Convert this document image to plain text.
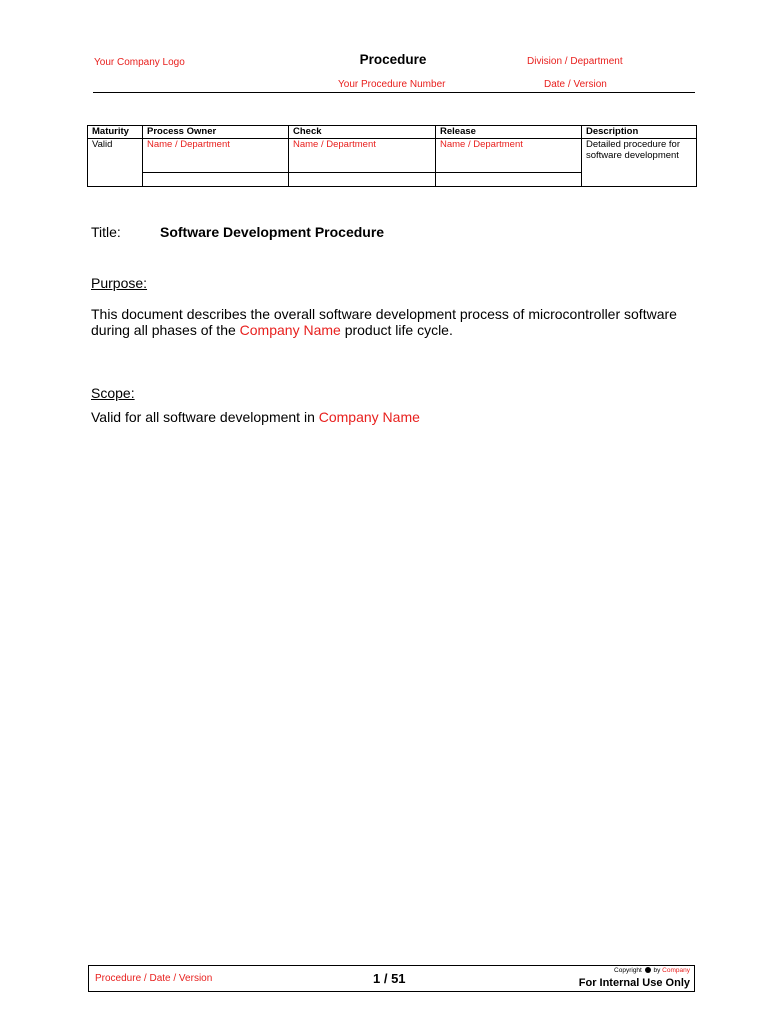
Your Company Logo	Procedure	Division / Department
Your Procedure Number	Date / Version
Maturity	Process Owner	Check	Release	Description
Valid	Name / Department	Name / Department	Name / Department	Detailed procedure for software development
Title:	Software Development Procedure
Purpose:
This document describes the overall software development process of microcontroller software during all phases of the Company Name product life cycle.
Scope:
Valid for all software development in Company Name
Procedure / Date / Version	1 / 51
Copyright by Company
For Internal Use Only
